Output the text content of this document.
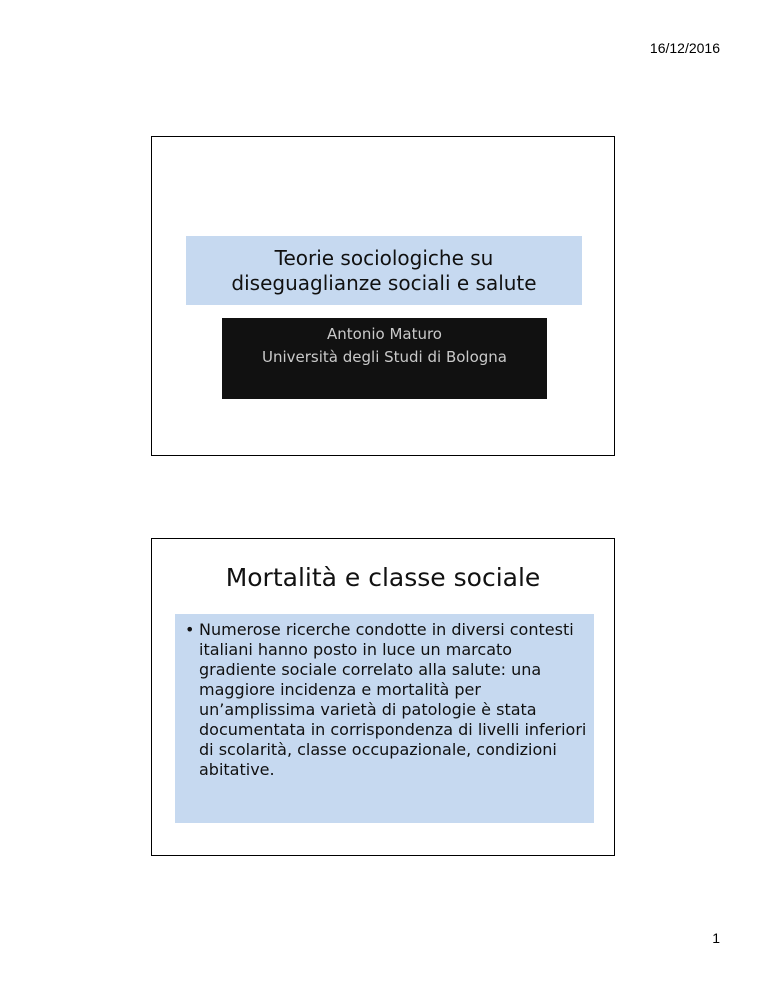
16/12/2016
Teorie sociologiche su diseguaglianze sociali e salute
Antonio Maturo
Università degli Studi di Bologna
Mortalità e classe sociale
• Numerose ricerche condotte in diversi contesti italiani hanno posto in luce un marcato gradiente sociale correlato alla salute: una maggiore incidenza e mortalità per un’amplissima varietà di patologie è stata documentata in corrispondenza di livelli inferiori di scolarità, classe occupazionale, condizioni abitative.
1
